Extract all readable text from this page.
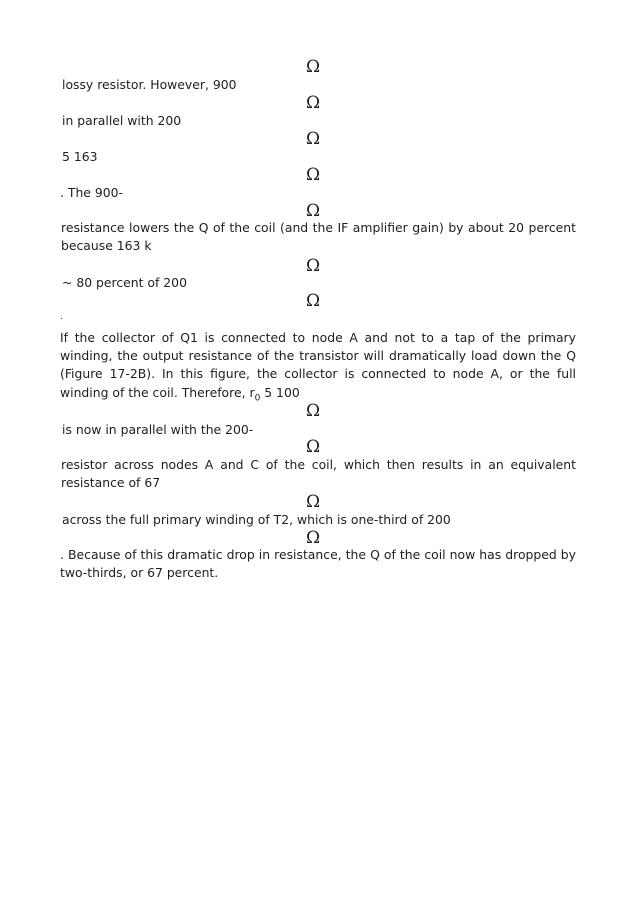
Ω
lossy resistor. However, 900
Ω
in parallel with 200
Ω
5 163
Ω
. The 900-
Ω
resistance lowers the Q of the coil (and the IF amplifier gain) by about 20 percent because 163 k
Ω
~ 80 percent of 200
Ω
.
If the collector of Q1 is connected to node A and not to a tap of the primary winding, the output resistance of the transistor will dramatically load down the Q (Figure 17-2B). In this figure, the collector is connected to node A, or the full winding of the coil. Therefore, $r_0$ 5 100
Ω
is now in parallel with the 200-
Ω
resistor across nodes A and C of the coil, which then results in an equivalent resistance of 67
Ω
across the full primary winding of T2, which is one-third of 200
Ω
. Because of this dramatic drop in resistance, the Q of the coil now has dropped by two-thirds, or 67 percent.
